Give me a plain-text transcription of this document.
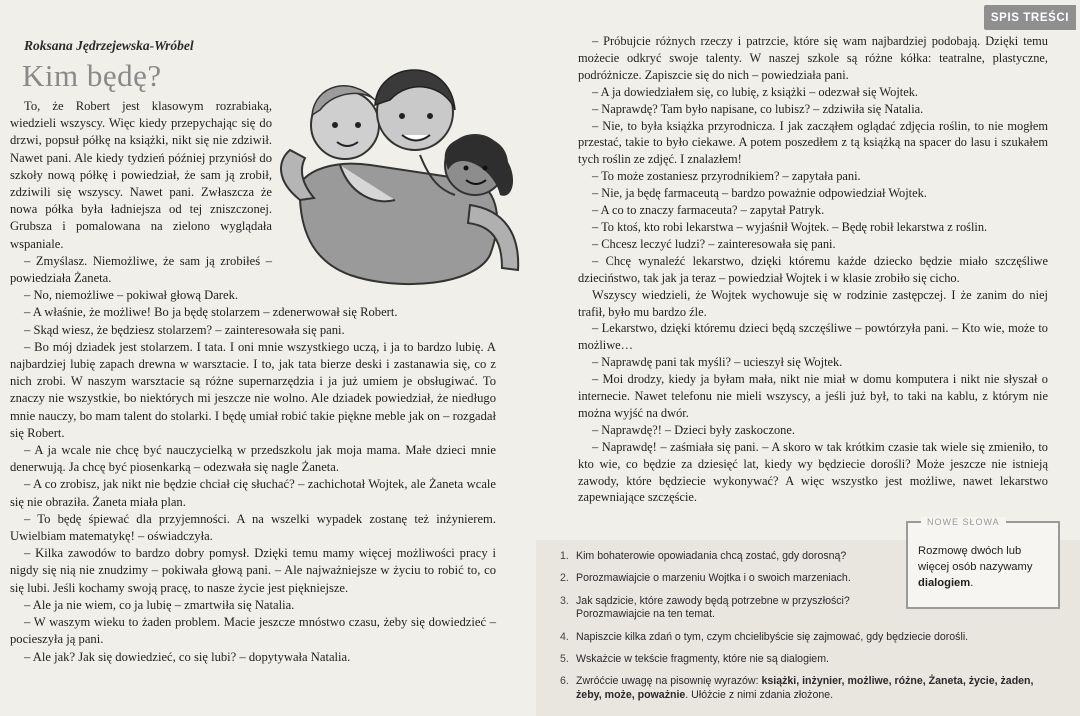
SPIS TREŚCI
Roksana Jędrzejewska-Wróbel
Kim będę?

To, że Robert jest klasowym rozrabiaką, wiedzieli wszyscy. Więc kiedy przepychając się do drzwi, popsuł półkę na książki, nikt się nie zdziwił. Nawet pani. Ale kiedy tydzień później przyniósł do szkoły nową półkę i powiedział, że sam ją zrobił, zdziwili się wszyscy. Nawet pani. Zwłaszcza że nowa półka była ładniejsza od tej zniszczonej. Grubsza i pomalowana na zielono wyglądała wspaniale.

– Zmyślasz. Niemożliwe, że sam ją zrobiłeś – powiedziała Żaneta.

– No, niemożliwe – pokiwał głową Darek.

– A właśnie, że możliwe! Bo ja będę stolarzem – zdenerwował się Robert.

– Skąd wiesz, że będziesz stolarzem? – zainteresowała się pani.

– Bo mój dziadek jest stolarzem. I tata. I oni mnie wszystkiego uczą, i ja to bardzo lubię. A najbardziej lubię zapach drewna w warsztacie. I to, jak tata bierze deski i zastanawia się, co z nich zrobi. W naszym warsztacie są różne supernarzędzia i ja już umiem je obsługiwać. To znaczy nie wszystkie, bo niektórych mi jeszcze nie wolno. Ale dziadek powiedział, że niedługo mnie nauczy, bo mam talent do stolarki. I będę umiał robić takie piękne meble jak on – rozgadał się Robert.

– A ja wcale nie chcę być nauczycielką w przedszkolu jak moja mama. Małe dzieci mnie denerwują. Ja chcę być piosenkarką – odezwała się nagle Żaneta.

– A co zrobisz, jak nikt nie będzie chciał cię słuchać? – zachichotał Wojtek, ale Żaneta wcale się nie obraziła. Żaneta miała plan.

– To będę śpiewać dla przyjemności. A na wszelki wypadek zostanę też inżynierem. Uwielbiam matematykę! – oświadczyła.

– Kilka zawodów to bardzo dobry pomysł. Dzięki temu mamy więcej możliwości pracy i nigdy się nią nie znudzimy – pokiwała głową pani. – Ale najważniejsze w życiu to robić to, co się lubi. Jeśli kochamy swoją pracę, to nasze życie jest piękniejsze.

– Ale ja nie wiem, co ja lubię – zmartwiła się Natalia.

– W waszym wieku to żaden problem. Macie jeszcze mnóstwo czasu, żeby się dowiedzieć – pocieszyła ją pani.

– Ale jak? Jak się dowiedzieć, co się lubi? – dopytywała Natalia.

– Próbujcie różnych rzeczy i patrzcie, które się wam najbardziej podobają. Dzięki temu możecie odkryć swoje talenty. W naszej szkole są różne kółka: teatralne, plastyczne, podróżnicze. Zapiszcie się do nich – powiedziała pani.

– A ja dowiedziałem się, co lubię, z książki – odezwał się Wojtek.

– Naprawdę? Tam było napisane, co lubisz? – zdziwiła się Natalia.

– Nie, to była książka przyrodnicza. I jak zacząłem oglądać zdjęcia roślin, to nie mogłem przestać, takie to było ciekawe. A potem poszedłem z tą książką na spacer do lasu i szukałem tych roślin ze zdjęć. I znalazłem!

– To może zostaniesz przyrodnikiem? – zapytała pani.

– Nie, ja będę farmaceutą – bardzo poważnie odpowiedział Wojtek.

– A co to znaczy farmaceuta? – zapytał Patryk.

– To ktoś, kto robi lekarstwa – wyjaśnił Wojtek. – Będę robił lekarstwa z roślin.

– Chcesz leczyć ludzi? – zainteresowała się pani.

– Chcę wynaleźć lekarstwo, dzięki któremu każde dziecko będzie miało szczęśliwe dzieciństwo, tak jak ja teraz – powiedział Wojtek i w klasie zrobiło się cicho.

Wszyscy wiedzieli, że Wojtek wychowuje się w rodzinie zastępczej. I że zanim do niej trafił, było mu bardzo źle.

– Lekarstwo, dzięki któremu dzieci będą szczęśliwe – powtórzyła pani. – Kto wie, może to możliwe…

– Naprawdę pani tak myśli? – ucieszył się Wojtek.

– Moi drodzy, kiedy ja byłam mała, nikt nie miał w domu komputera i nikt nie słyszał o internecie. Nawet telefonu nie mieli wszyscy, a jeśli już był, to taki na kablu, z którym nie można wyjść na dwór.

– Naprawdę?! – Dzieci były zaskoczone.

– Naprawdę! – zaśmiała się pani. – A skoro w tak krótkim czasie tak wiele się zmieniło, to kto wie, co będzie za dziesięć lat, kiedy wy będziecie dorośli? Może jeszcze nie istnieją zawody, które będziecie wykonywać? A więc wszystko jest możliwe, nawet lekarstwo zapewniające szczęście.

1. Kim bohaterowie opowiadania chcą zostać, gdy dorosną?
2. Porozmawiajcie o marzeniu Wojtka i o swoich marzeniach.
3. Jak sądzicie, które zawody będą potrzebne w przyszłości? Porozmawiajcie na ten temat.
4. Napiszcie kilka zdań o tym, czym chcielibyście się zajmować, gdy będziecie dorośli.
5. Wskażcie w tekście fragmenty, które nie są dialogiem.
6. Zwróćcie uwagę na pisownię wyrazów: książki, inżynier, możliwe, różne, Żaneta, życie, żaden, żeby, może, poważnie. Ułóżcie z nimi zdania złożone.
NOWE SŁOWA
Rozmowę dwóch lub więcej osób nazywamy dialogiem.
